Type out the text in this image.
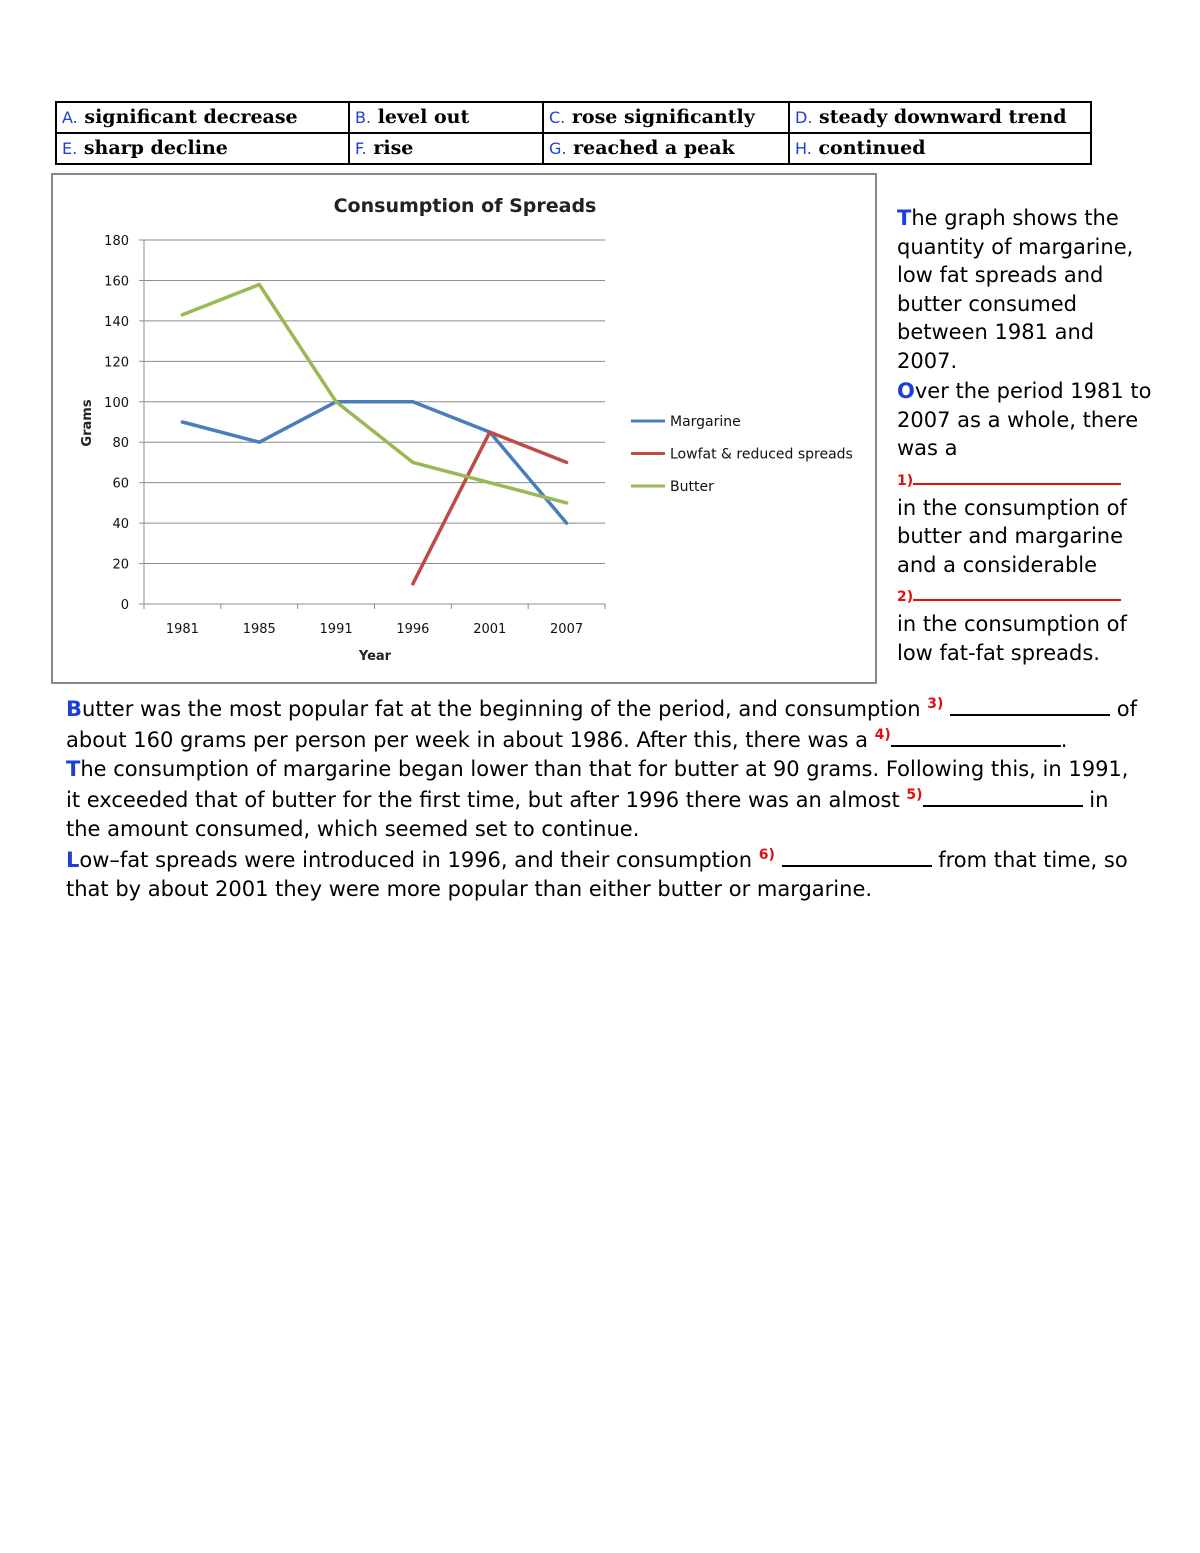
A. significant decrease	B. level out	C. rose significantly	D. steady downward trend
E. sharp decline	F. rise	G. reached a peak	H. continued
Consumption of Spreads
0
20
40
60
80
100
120
140
160
180
1981	1985	1991	1996	2001	2007
Year
Grams	Margarine
Lowfat & reduced spreads
Butter
The graph shows the quantity of margarine, low fat spreads and butter consumed between 1981 and 2007.
Over the period 1981 to 2007 as a whole, there was a
1)
in the consumption of butter and margarine and a considerable
2)
in the consumption of low fat-fat spreads.

Butter was the most popular fat at the beginning of the period, and consumption $^{3)}$	of about 160 grams per person per week in about 1986. After this, there was a $^{4)}$	.

The consumption of margarine began lower than that for butter at 90 grams. Following this, in 1991, it exceeded that of butter for the first time, but after 1996 there was an almost $^{5)}$	in the amount consumed, which seemed set to continue.

Low–fat spreads were introduced in 1996, and their consumption $^{6)}$	from that time, so that by about 2001 they were more popular than either butter or margarine.
